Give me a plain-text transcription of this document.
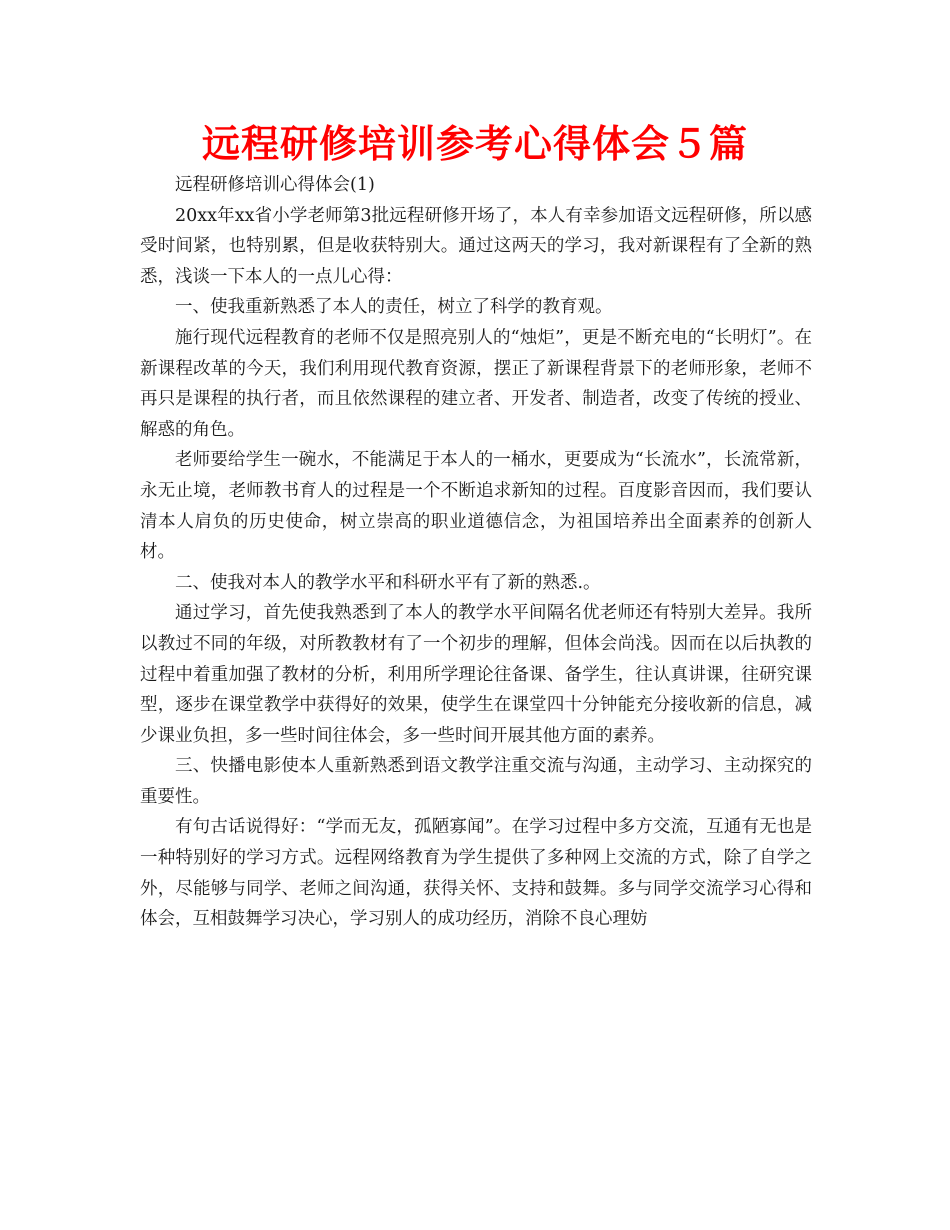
远程研修培训参考心得体会５篇

远程研修培训心得体会(1)

20xx年xx省小学老师第3批远程研修开场了，本人有幸参加语文远程研修，所以感受时间紧，也特别累，但是收获特别大。通过这两天的学习，我对新课程有了全新的熟悉，浅谈一下本人的一点儿心得：

一、使我重新熟悉了本人的责任，树立了科学的教育观。

施行现代远程教育的老师不仅是照亮别人的“烛炬”，更是不断充电的“长明灯”。在新课程改革的今天，我们利用现代教育资源，摆正了新课程背景下的老师形象，老师不再只是课程的执行者，而且依然课程的建立者、开发者、制造者，改变了传统的授业、解惑的角色。

老师要给学生一碗水，不能满足于本人的一桶水，更要成为“长流水”，长流常新，永无止境，老师教书育人的过程是一个不断追求新知的过程。百度影音因而，我们要认清本人肩负的历史使命，树立崇高的职业道德信念，为祖国培养出全面素养的创新人材。

二、使我对本人的教学水平和科研水平有了新的熟悉.。

通过学习，首先使我熟悉到了本人的教学水平间隔名优老师还有特别大差异。我所以教过不同的年级，对所教教材有了一个初步的理解，但体会尚浅。因而在以后执教的过程中着重加强了教材的分析，利用所学理论往备课、备学生，往认真讲课，往研究课型，逐步在课堂教学中获得好的效果，使学生在课堂四十分钟能充分接收新的信息，减少课业负担，多一些时间往体会，多一些时间开展其他方面的素养。

三、快播电影使本人重新熟悉到语文教学注重交流与沟通，主动学习、主动探究的重要性。

有句古话说得好：“学而无友，孤陋寡闻”。在学习过程中多方交流，互通有无也是一种特别好的学习方式。远程网络教育为学生提供了多种网上交流的方式，除了自学之外，尽能够与同学、老师之间沟通，获得关怀、支持和鼓舞。多与同学交流学习心得和体会，互相鼓舞学习决心，学习别人的成功经历，消除不良心理妨
